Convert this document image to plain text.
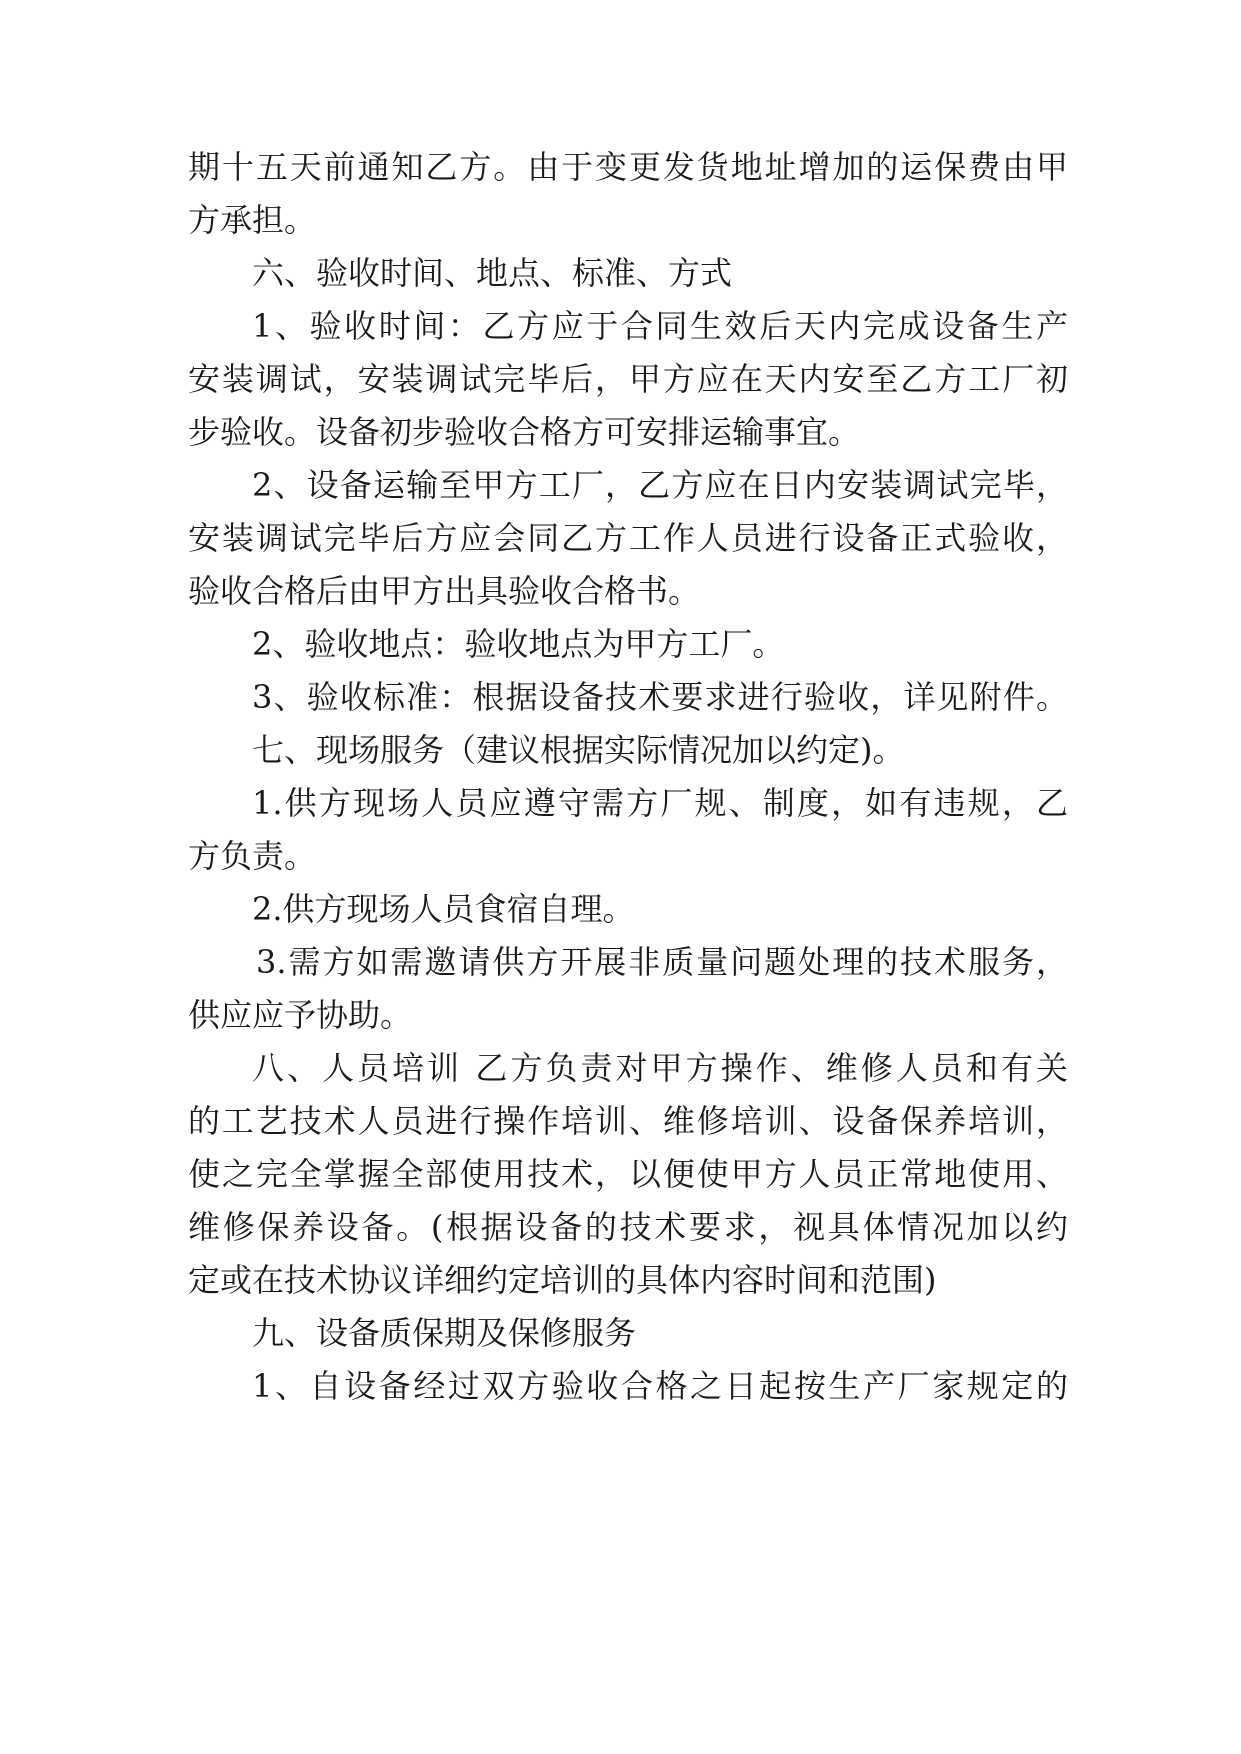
期十五天前通知乙方。由于变更发货地址增加的运保费由甲
方承担。
六、验收时间、地点、标准、方式
1、验收时间：乙方应于合同生效后天内完成设备生产
安装调试，安装调试完毕后，甲方应在天内安至乙方工厂初
步验收。设备初步验收合格方可安排运输事宜。
2、设备运输至甲方工厂，乙方应在日内安装调试完毕，
安装调试完毕后方应会同乙方工作人员进行设备正式验收，
验收合格后由甲方出具验收合格书。
2、验收地点：验收地点为甲方工厂。
3、验收标准：根据设备技术要求进行验收，详见附件。
七、现场服务（建议根据实际情况加以约定)。
1.供方现场人员应遵守需方厂规、制度，如有违规，乙
方负责。
2.供方现场人员食宿自理。
3.需方如需邀请供方开展非质量问题处理的技术服务，
供应应予协助。
八、人员培训 乙方负责对甲方操作、维修人员和有关
的工艺技术人员进行操作培训、维修培训、设备保养培训，
使之完全掌握全部使用技术，以便使甲方人员正常地使用、
维修保养设备。(根据设备的技术要求，视具体情况加以约
定或在技术协议详细约定培训的具体内容时间和范围)
九、设备质保期及保修服务
1、自设备经过双方验收合格之日起按生产厂家规定的
